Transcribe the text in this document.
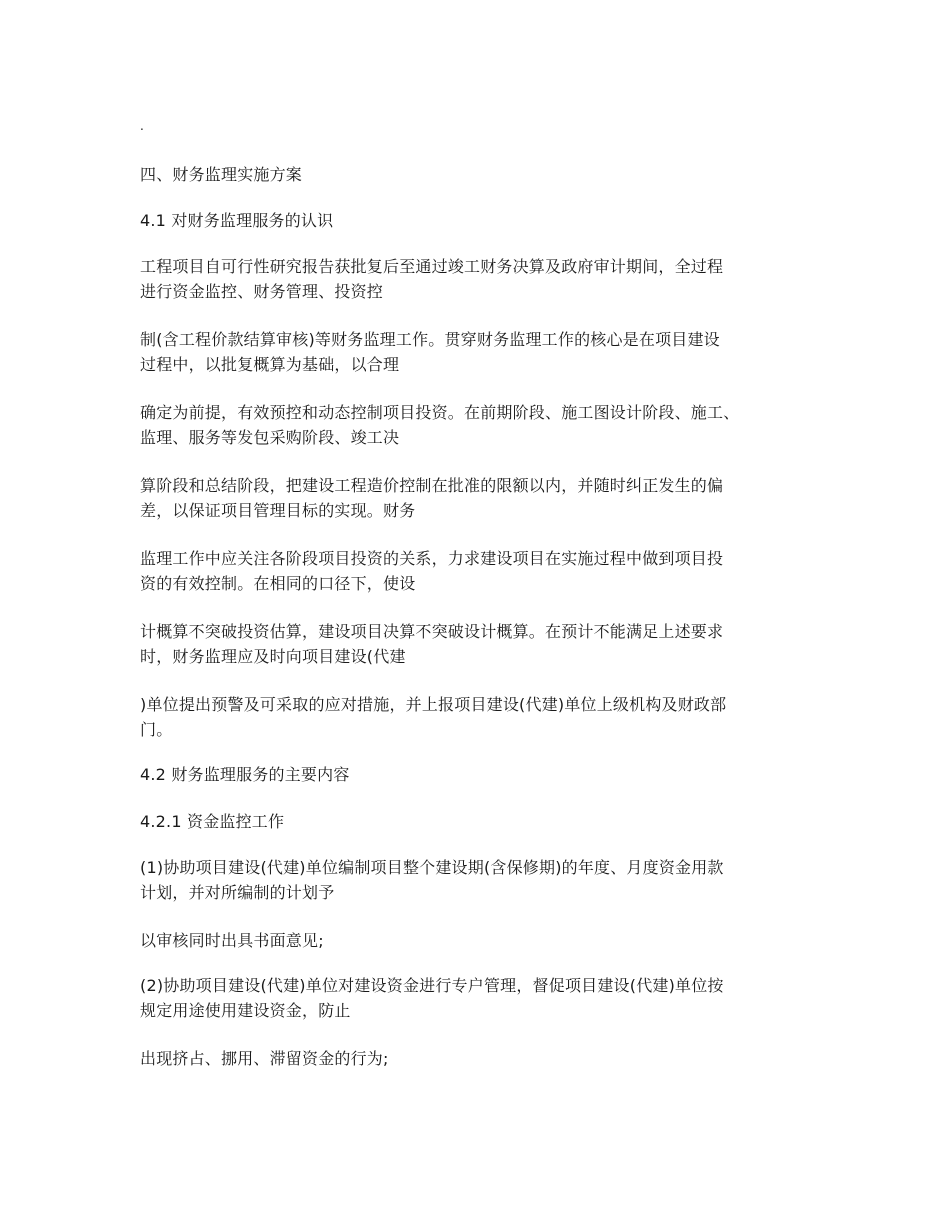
.

四、财务监理实施方案

4.1 对财务监理服务的认识

工程项目自可行性研究报告获批复后至通过竣工财务决算及政府审计期间，全过程
进行资金监控、财务管理、投资控

制(含工程价款结算审核)等财务监理工作。贯穿财务监理工作的核心是在项目建设
过程中，以批复概算为基础，以合理

确定为前提，有效预控和动态控制项目投资。在前期阶段、施工图设计阶段、施工、
监理、服务等发包采购阶段、竣工决

算阶段和总结阶段，把建设工程造价控制在批准的限额以内，并随时纠正发生的偏
差，以保证项目管理目标的实现。财务

监理工作中应关注各阶段项目投资的关系，力求建设项目在实施过程中做到项目投
资的有效控制。在相同的口径下，使设

计概算不突破投资估算，建设项目决算不突破设计概算。在预计不能满足上述要求
时，财务监理应及时向项目建设(代建

)单位提出预警及可采取的应对措施，并上报项目建设(代建)单位上级机构及财政部
门。

4.2 财务监理服务的主要内容

4.2.1 资金监控工作

(1)协助项目建设(代建)单位编制项目整个建设期(含保修期)的年度、月度资金用款
计划，并对所编制的计划予

以审核同时出具书面意见;

(2)协助项目建设(代建)单位对建设资金进行专户管理，督促项目建设(代建)单位按
规定用途使用建设资金，防止

出现挤占、挪用、滞留资金的行为;
